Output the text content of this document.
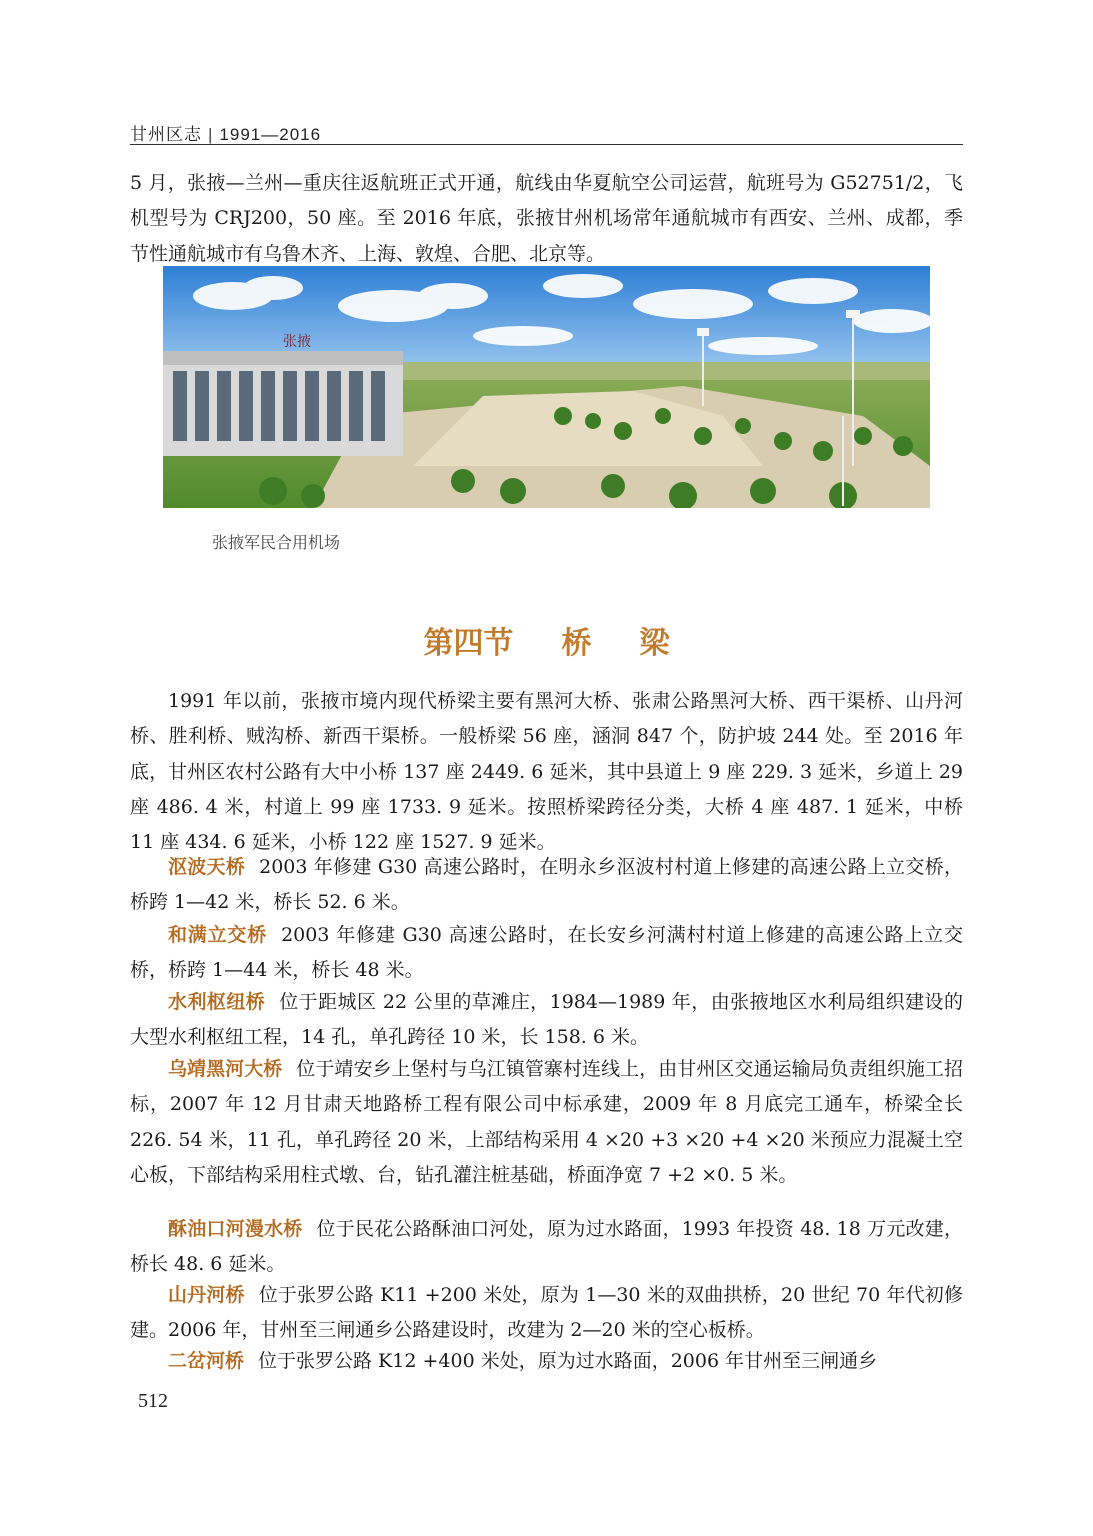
甘州区志 | 1991—2016

5 月，张掖—兰州—重庆往返航班正式开通，航线由华夏航空公司运营，航班号为 G52751/2，飞机型号为 CRJ200，50 座。至 2016 年底，张掖甘州机场常年通航城市有西安、兰州、成都，季节性通航城市有乌鲁木齐、上海、敦煌、合肥、北京等。

张掖
张掖军民合用机场
第四节 桥 梁

1991 年以前，张掖市境内现代桥梁主要有黑河大桥、张肃公路黑河大桥、西干渠桥、山丹河桥、胜利桥、贼沟桥、新西干渠桥。一般桥梁 56 座，涵洞 847 个，防护坡 244 处。至 2016 年底，甘州区农村公路有大中小桥 137 座 2449. 6 延米，其中县道上 9 座 229. 3 延米，乡道上 29 座 486. 4 米，村道上 99 座 1733. 9 延米。按照桥梁跨径分类，大桥 4 座 487. 1 延米，中桥 11 座 434. 6 延米，小桥 122 座 1527. 9 延米。

沤波天桥 2003 年修建 G30 高速公路时，在明永乡沤波村村道上修建的高速公路上立交桥，桥跨 1—42 米，桥长 52. 6 米。

和满立交桥 2003 年修建 G30 高速公路时，在长安乡河满村村道上修建的高速公路上立交桥，桥跨 1—44 米，桥长 48 米。

水利枢纽桥 位于距城区 22 公里的草滩庄，1984—1989 年，由张掖地区水利局组织建设的大型水利枢纽工程，14 孔，单孔跨径 10 米，长 158. 6 米。

乌靖黑河大桥 位于靖安乡上堡村与乌江镇管寨村连线上，由甘州区交通运输局负责组织施工招标，2007 年 12 月甘肃天地路桥工程有限公司中标承建，2009 年 8 月底完工通车，桥梁全长 226. 54 米，11 孔，单孔跨径 20 米，上部结构采用 4 ×20 +3 ×20 +4 ×20 米预应力混凝土空心板，下部结构采用柱式墩、台，钻孔灌注桩基础，桥面净宽 7 +2 ×0. 5 米。

酥油口河漫水桥 位于民花公路酥油口河处，原为过水路面，1993 年投资 48. 18 万元改建，桥长 48. 6 延米。

山丹河桥 位于张罗公路 K11 +200 米处，原为 1—30 米的双曲拱桥，20 世纪 70 年代初修建。2006 年，甘州至三闸通乡公路建设时，改建为 2—20 米的空心板桥。

二岔河桥 位于张罗公路 K12 +400 米处，原为过水路面，2006 年甘州至三闸通乡

512
